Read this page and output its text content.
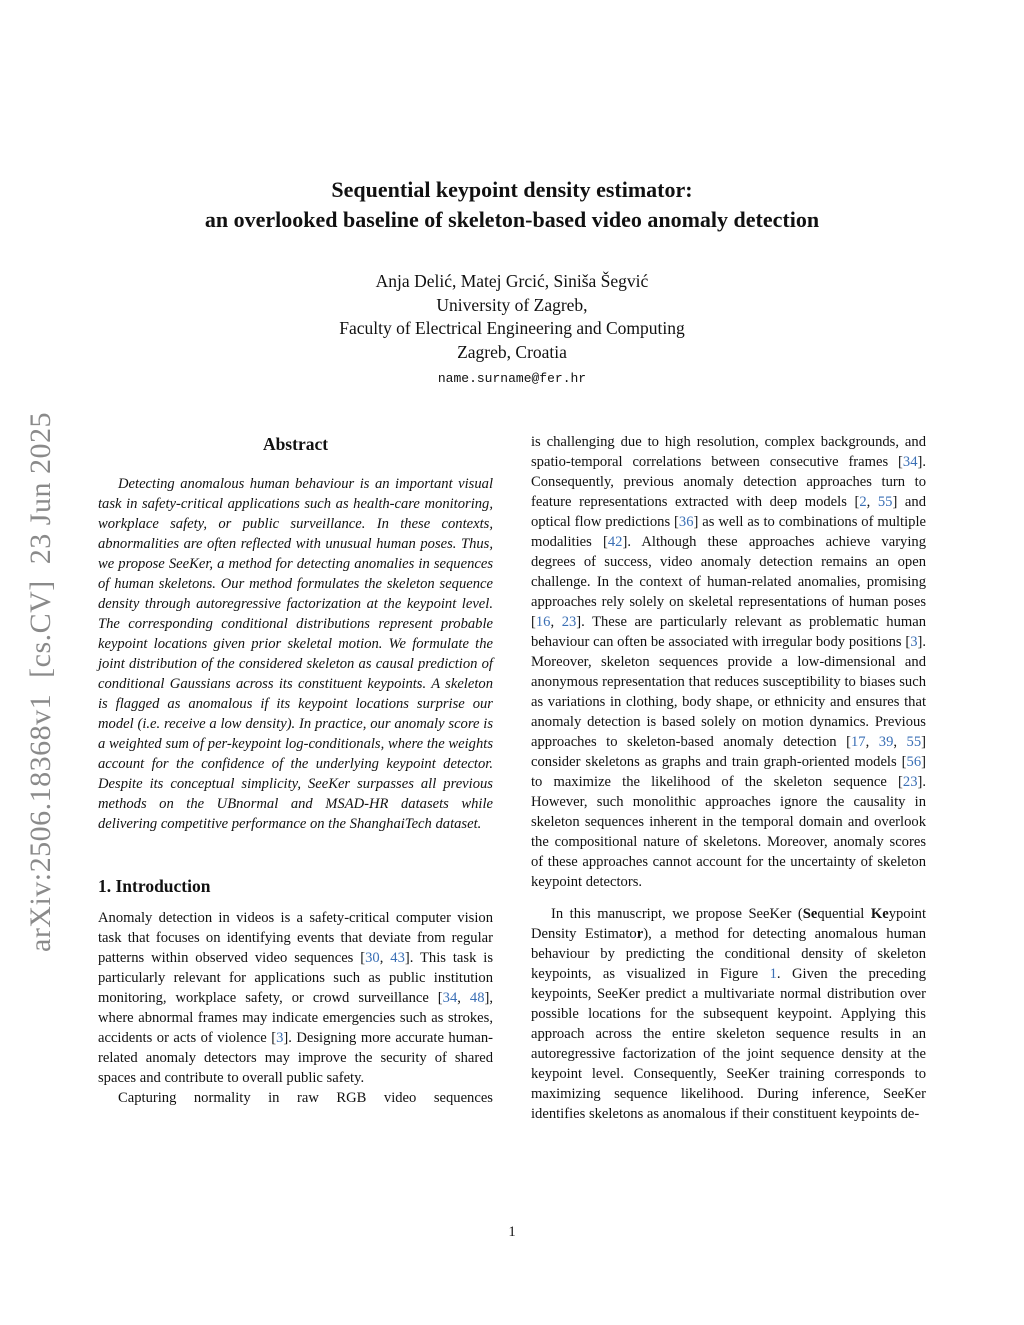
arXiv:2506.18368v1  [cs.CV]  23 Jun 2025
Sequential keypoint density estimator:
an overlooked baseline of skeleton-based video anomaly detection
Anja Delić, Matej Grcić, Siniša Šegvić
University of Zagreb,
Faculty of Electrical Engineering and Computing
Zagreb, Croatia
name.surname@fer.hr
Abstract

Detecting anomalous human behaviour is an important visual task in safety-critical applications such as health-care monitoring, workplace safety, or public surveillance. In these contexts, abnormalities are often reflected with unusual human poses. Thus, we propose SeeKer, a method for detecting anomalies in sequences of human skeletons. Our method formulates the skeleton sequence density through autoregressive factorization at the keypoint level. The corresponding conditional distributions represent probable keypoint locations given prior skeletal motion. We formulate the joint distribution of the considered skeleton as causal prediction of conditional Gaussians across its constituent keypoints. A skeleton is flagged as anomalous if its keypoint locations surprise our model (i.e. receive a low density). In practice, our anomaly score is a weighted sum of per-keypoint log-conditionals, where the weights account for the confidence of the underlying keypoint detector. Despite its conceptual simplicity, SeeKer surpasses all previous methods on the UBnormal and MSAD-HR datasets while delivering competitive performance on the ShanghaiTech dataset.

1. Introduction

Anomaly detection in videos is a safety-critical computer vision task that focuses on identifying events that deviate from regular patterns within observed video sequences [30, 43]. This task is particularly relevant for applications such as public institution monitoring, workplace safety, or crowd surveillance [34, 48], where abnormal frames may indicate emergencies such as strokes, accidents or acts of violence [3]. Designing more accurate human-related anomaly detectors may improve the security of shared spaces and contribute to overall public safety.

Capturing normality in raw RGB video sequences

is challenging due to high resolution, complex backgrounds, and spatio-temporal correlations between consecutive frames [34]. Consequently, previous anomaly detection approaches turn to feature representations extracted with deep models [2, 55] and optical flow predictions [36] as well as to combinations of multiple modalities [42]. Although these approaches achieve varying degrees of success, video anomaly detection remains an open challenge. In the context of human-related anomalies, promising approaches rely solely on skeletal representations of human poses [16, 23]. These are particularly relevant as problematic human behaviour can often be associated with irregular body positions [3]. Moreover, skeleton sequences provide a low-dimensional and anonymous representation that reduces susceptibility to biases such as variations in clothing, body shape, or ethnicity and ensures that anomaly detection is based solely on motion dynamics. Previous approaches to skeleton-based anomaly detection [17, 39, 55] consider skeletons as graphs and train graph-oriented models [56] to maximize the likelihood of the skeleton sequence [23]. However, such monolithic approaches ignore the causality in skeleton sequences inherent in the temporal domain and overlook the compositional nature of skeletons. Moreover, anomaly scores of these approaches cannot account for the uncertainty of skeleton keypoint detectors.

In this manuscript, we propose SeeKer (Sequential Keypoint Density Estimator), a method for detecting anomalous human behaviour by predicting the conditional density of skeleton keypoints, as visualized in Figure 1. Given the preceding keypoints, SeeKer predict a multivariate normal distribution over possible locations for the subsequent keypoint. Applying this approach across the entire skeleton sequence results in an autoregressive factorization of the joint sequence density at the keypoint level. Consequently, SeeKer training corresponds to maximizing sequence likelihood. During inference, SeeKer identifies skeletons as anomalous if their constituent keypoints de-

1
